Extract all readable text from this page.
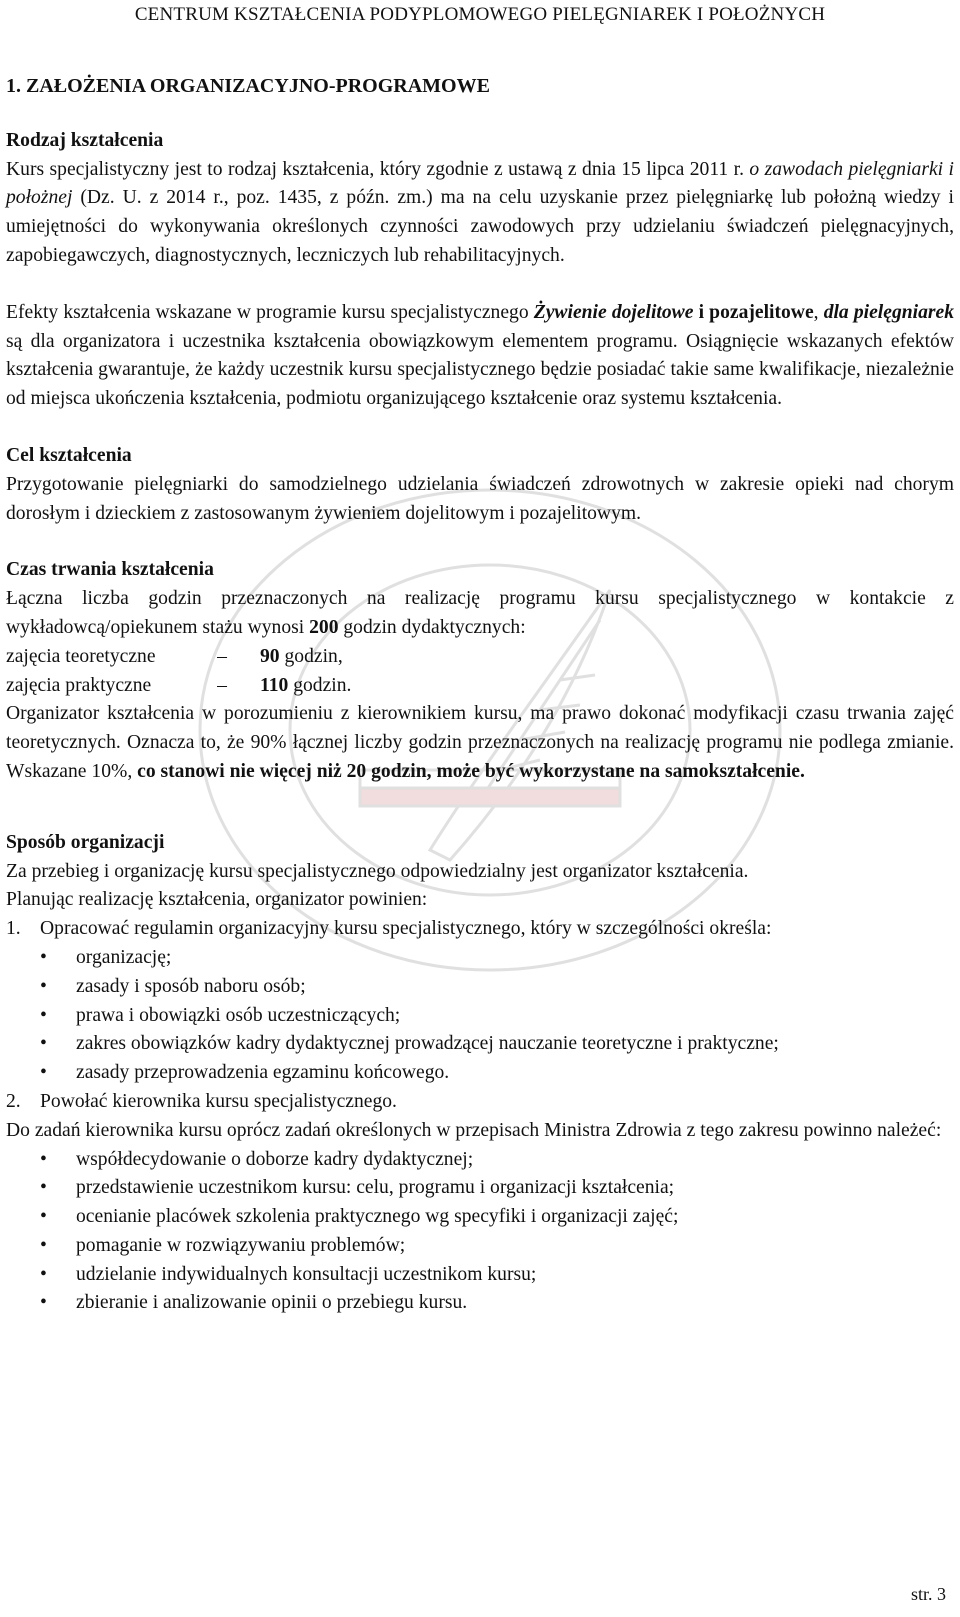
CENTRUM KSZTAŁCENIA PODYPLOMOWEGO PIELĘGNIAREK I POŁOŻNYCH
1. ZAŁOŻENIA ORGANIZACYJNO-PROGRAMOWE
Rodzaj kształcenia

Kurs specjalistyczny jest to rodzaj kształcenia, który zgodnie z ustawą z dnia 15 lipca 2011 r. o zawodach pielęgniarki i położnej (Dz. U. z 2014 r., poz. 1435, z późn. zm.) ma na celu uzyskanie przez pielęgniarkę lub położną wiedzy i umiejętności do wykonywania określonych czynności zawodowych przy udzielaniu świadczeń pielęgnacyjnych, zapobiegawczych, diagnostycznych, leczniczych lub rehabilitacyjnych.

Efekty kształcenia wskazane w programie kursu specjalistycznego Żywienie dojelitowe i pozajelitowe, dla pielęgniarek są dla organizatora i uczestnika kształcenia obowiązkowym elementem programu. Osiągnięcie wskazanych efektów kształcenia gwarantuje, że każdy uczestnik kursu specjalistycznego będzie posiadać takie same kwalifikacje, niezależnie od miejsca ukończenia kształcenia, podmiotu organizującego kształcenie oraz systemu kształcenia.

Cel kształcenia

Przygotowanie pielęgniarki do samodzielnego udzielania świadczeń zdrowotnych w zakresie opieki nad chorym dorosłym i dzieckiem z zastosowanym żywieniem dojelitowym i pozajelitowym.

Czas trwania kształcenia

Łączna liczba godzin przeznaczonych na realizację programu kursu specjalistycznego w kontakcie z wykładowcą/opiekunem stażu wynosi 200 godzin dydaktycznych:

zajęcia teoretyczne	–	90 godzin,
zajęcia praktyczne	–	110 godzin.

Organizator kształcenia w porozumieniu z kierownikiem kursu, ma prawo dokonać modyfikacji czasu trwania zajęć teoretycznych. Oznacza to, że 90% łącznej liczby godzin przeznaczonych na realizację programu nie podlega zmianie. Wskazane 10%, co stanowi nie więcej niż 20 godzin, może być wykorzystane na samokształcenie.

Sposób organizacji

Za przebieg i organizację kursu specjalistycznego odpowiedzialny jest organizator kształcenia.

Planując realizację kształcenia, organizator powinien:

1. Opracować regulamin organizacyjny kursu specjalistycznego, który w szczególności określa:
• organizację;
• zasady i sposób naboru osób;
• prawa i obowiązki osób uczestniczących;
• zakres obowiązków kadry dydaktycznej prowadzącej nauczanie teoretyczne i praktyczne;
• zasady przeprowadzenia egzaminu końcowego.
2. Powołać kierownika kursu specjalistycznego.

Do zadań kierownika kursu oprócz zadań określonych w przepisach Ministra Zdrowia z tego zakresu powinno należeć:

• współdecydowanie o doborze kadry dydaktycznej;
• przedstawienie uczestnikom kursu: celu, programu i organizacji kształcenia;
• ocenianie placówek szkolenia praktycznego wg specyfiki i organizacji zajęć;
• pomaganie w rozwiązywaniu problemów;
• udzielanie indywidualnych konsultacji uczestnikom kursu;
• zbieranie i analizowanie opinii o przebiegu kursu.
str. 3
